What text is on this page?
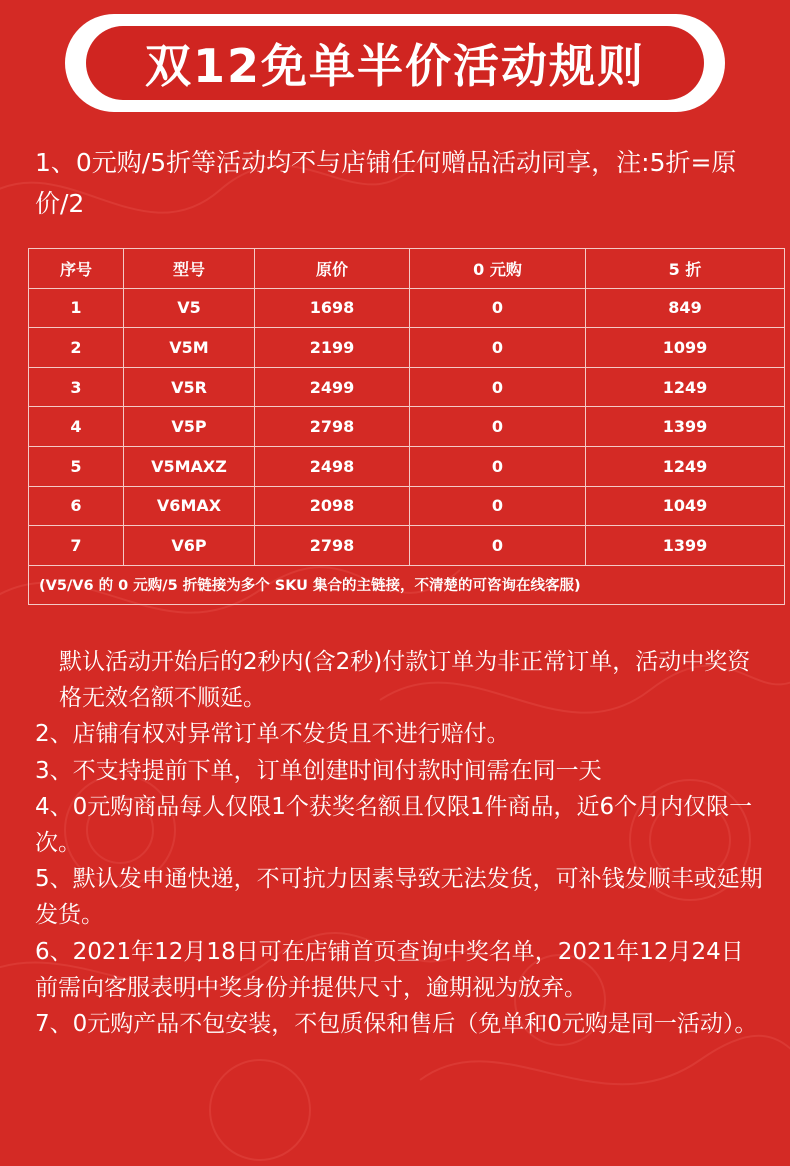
双12免单半价活动规则
1、0元购/5折等活动均不与店铺任何赠品活动同享，注:5折=原价/2
序号	型号	原价	0 元购	5 折
1	V5	1698	0	849
2	V5M	2199	0	1099
3	V5R	2499	0	1249
4	V5P	2798	0	1399
5	V5MAXZ	2498	0	1249
6	V6MAX	2098	0	1049
7	V6P	2798	0	1399
(V5/V6 的 0 元购/5 折链接为多个 SKU 集合的主链接，不清楚的可咨询在线客服)				

默认活动开始后的2秒内(含2秒)付款订单为非正常订单，活动中奖资格无效名额不顺延。

2、店铺有权对异常订单不发货且不进行赔付。

3、不支持提前下单，订单创建时间付款时间需在同一天

4、0元购商品每人仅限1个获奖名额且仅限1件商品，近6个月内仅限一次。

5、默认发申通快递，不可抗力因素导致无法发货，可补钱发顺丰或延期发货。

6、2021年12月18日可在店铺首页查询中奖名单，2021年12月24日前需向客服表明中奖身份并提供尺寸，逾期视为放弃。

7、0元购产品不包安装，不包质保和售后（免单和0元购是同一活动）。
